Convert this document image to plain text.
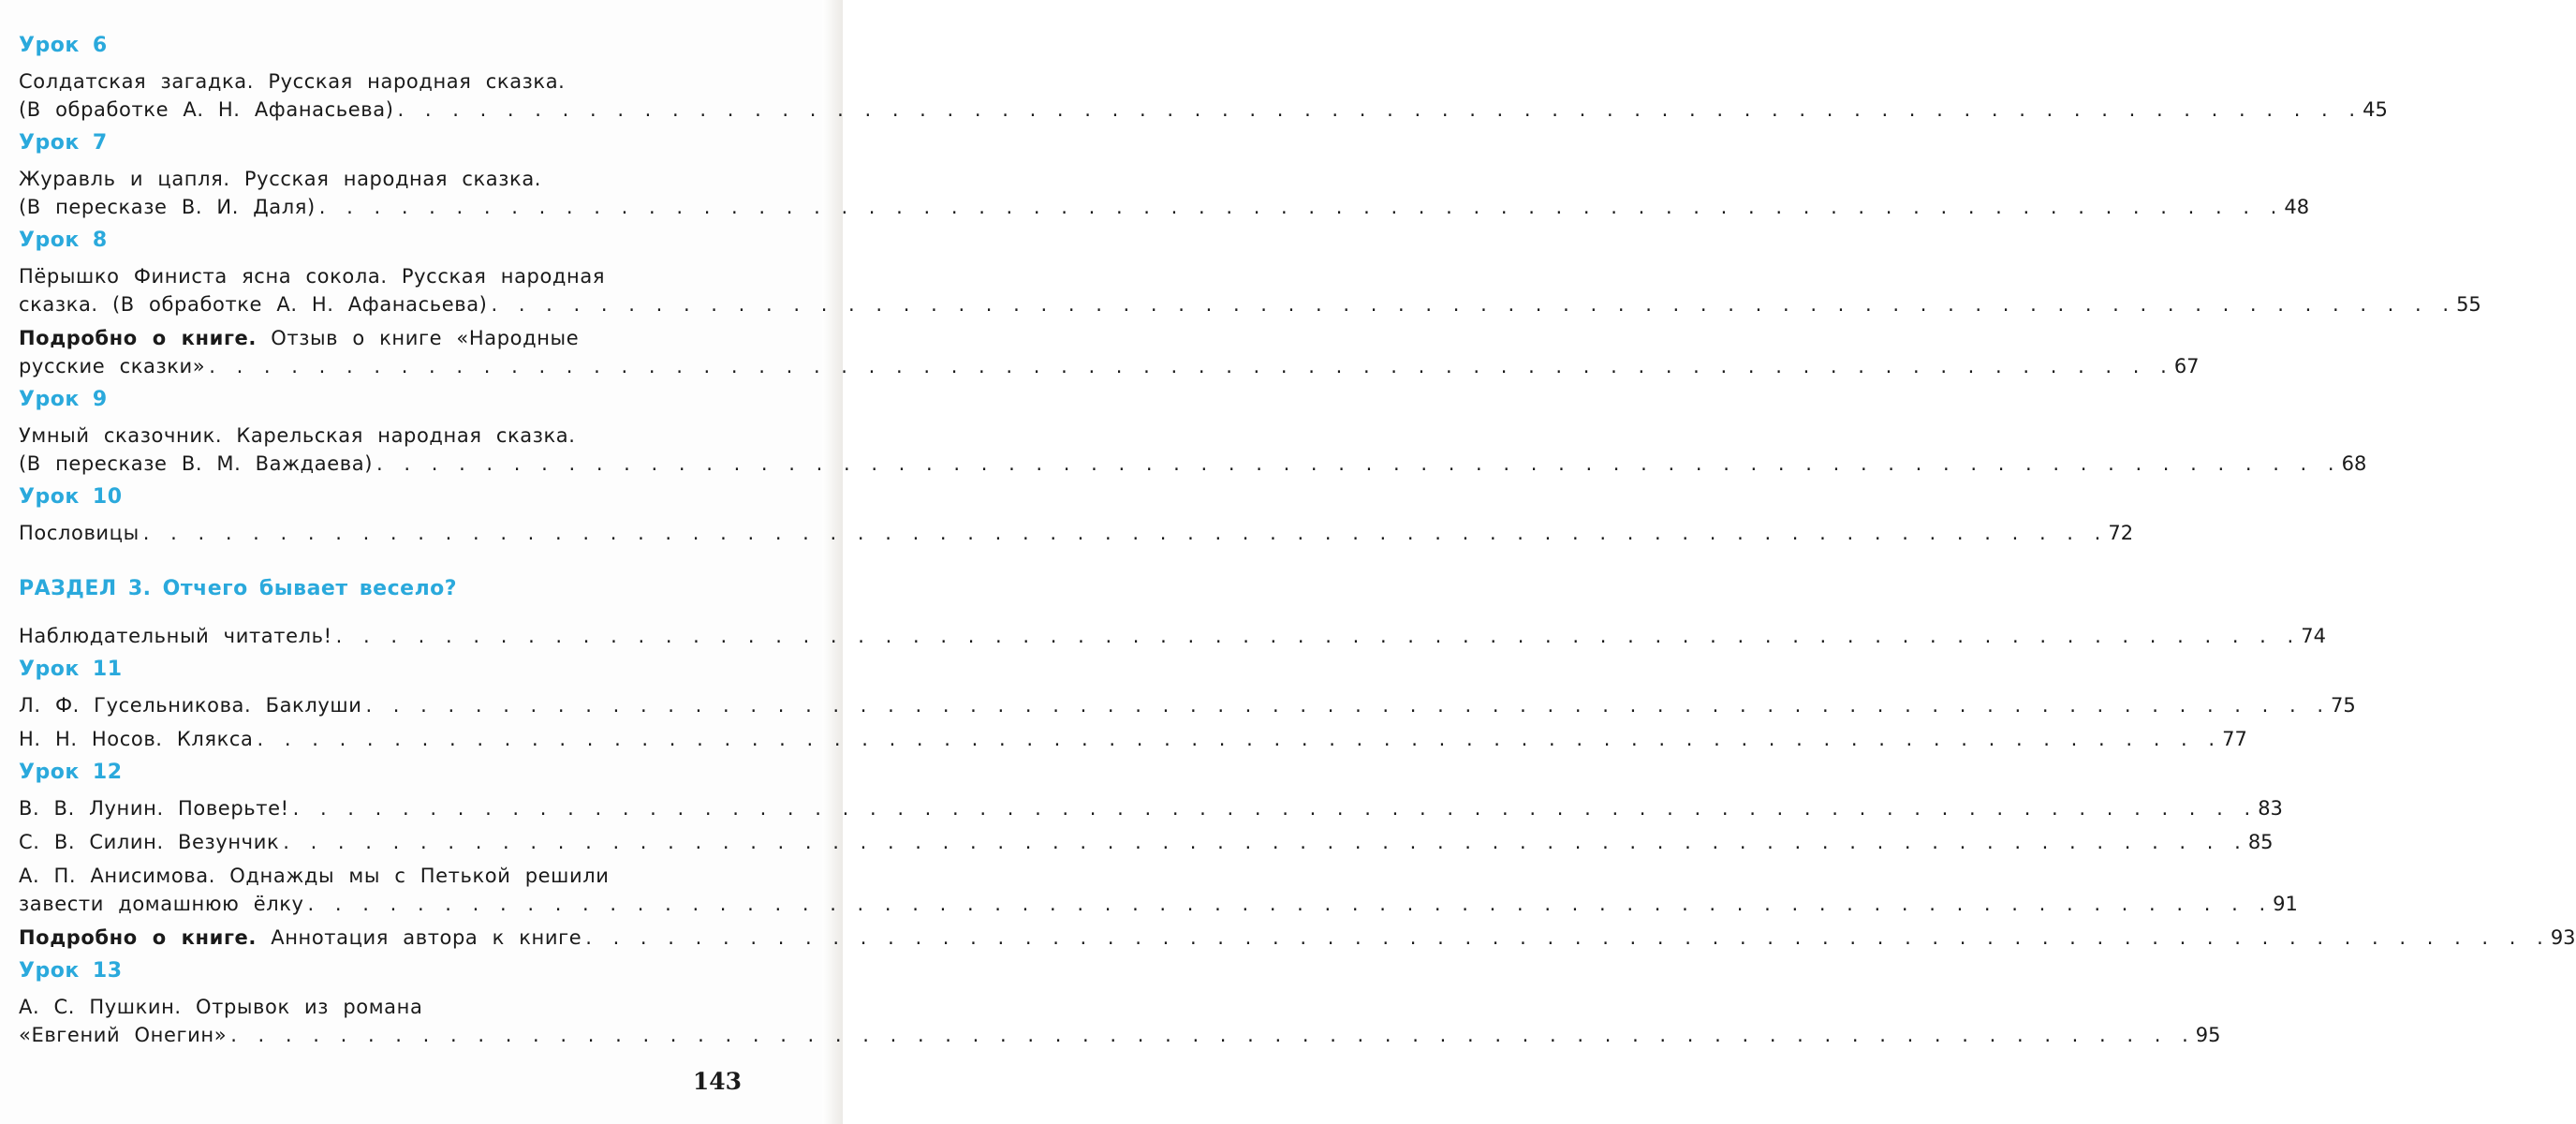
Урок 6
Солдатская загадка. Русская народная сказка.
(В обработке А. Н. Афанасьева) . . . . . . . . . . . . . . . . . . . . . . . . . . . . . . . . . . . . . . . . . . . . . . . . . . . . . . . . . . . . . . . . . . . . . . . . 45
Урок 7
Журавль и цапля. Русская народная сказка.
(В пересказе В. И. Даля) . . . . . . . . . . . . . . . . . . . . . . . . . . . . . . . . . . . . . . . . . . . . . . . . . . . . . . . . . . . . . . . . . . . . . . . . 48
Урок 8
Пёрышко Финиста ясна сокола. Русская народная
сказка. (В обработке А. Н. Афанасьева) . . . . . . . . . . . . . . . . . . . . . . . . . . . . . . . . . . . . . . . . . . . . . . . . . . . . . . . . . . . . . . . . . . . . . . . . 55
Подробно о книге. Отзыв о книге «Народные
русские сказки» . . . . . . . . . . . . . . . . . . . . . . . . . . . . . . . . . . . . . . . . . . . . . . . . . . . . . . . . . . . . . . . . . . . . . . . . 67
Урок 9
Умный сказочник. Карельская народная сказка.
(В пересказе В. М. Важдаева) . . . . . . . . . . . . . . . . . . . . . . . . . . . . . . . . . . . . . . . . . . . . . . . . . . . . . . . . . . . . . . . . . . . . . . . . 68
Урок 10
Пословицы . . . . . . . . . . . . . . . . . . . . . . . . . . . . . . . . . . . . . . . . . . . . . . . . . . . . . . . . . . . . . . . . . . . . . . . . 72
РАЗДЕЛ 3. Отчего бывает весело?
Наблюдательный читатель! . . . . . . . . . . . . . . . . . . . . . . . . . . . . . . . . . . . . . . . . . . . . . . . . . . . . . . . . . . . . . . . . . . . . . . . . 74
Урок 11
Л. Ф. Гусельникова. Баклуши . . . . . . . . . . . . . . . . . . . . . . . . . . . . . . . . . . . . . . . . . . . . . . . . . . . . . . . . . . . . . . . . . . . . . . . . 75
Н. Н. Носов. Клякса . . . . . . . . . . . . . . . . . . . . . . . . . . . . . . . . . . . . . . . . . . . . . . . . . . . . . . . . . . . . . . . . . . . . . . . . 77
Урок 12
В. В. Лунин. Поверьте! . . . . . . . . . . . . . . . . . . . . . . . . . . . . . . . . . . . . . . . . . . . . . . . . . . . . . . . . . . . . . . . . . . . . . . . . 83
С. В. Силин. Везунчик . . . . . . . . . . . . . . . . . . . . . . . . . . . . . . . . . . . . . . . . . . . . . . . . . . . . . . . . . . . . . . . . . . . . . . . . 85
А. П. Анисимова. Однажды мы с Петькой решили
завести домашнюю ёлку . . . . . . . . . . . . . . . . . . . . . . . . . . . . . . . . . . . . . . . . . . . . . . . . . . . . . . . . . . . . . . . . . . . . . . . . 91
Подробно о книге. Аннотация автора к книге . . . . . . . . . . . . . . . . . . . . . . . . . . . . . . . . . . . . . . . . . . . . . . . . . . . . . . . . . . . . . . . . . . . . . . . . 93
Урок 13
А. С. Пушкин. Отрывок из романа
«Евгений Онегин» . . . . . . . . . . . . . . . . . . . . . . . . . . . . . . . . . . . . . . . . . . . . . . . . . . . . . . . . . . . . . . . . . . . . . . . . 95
143
